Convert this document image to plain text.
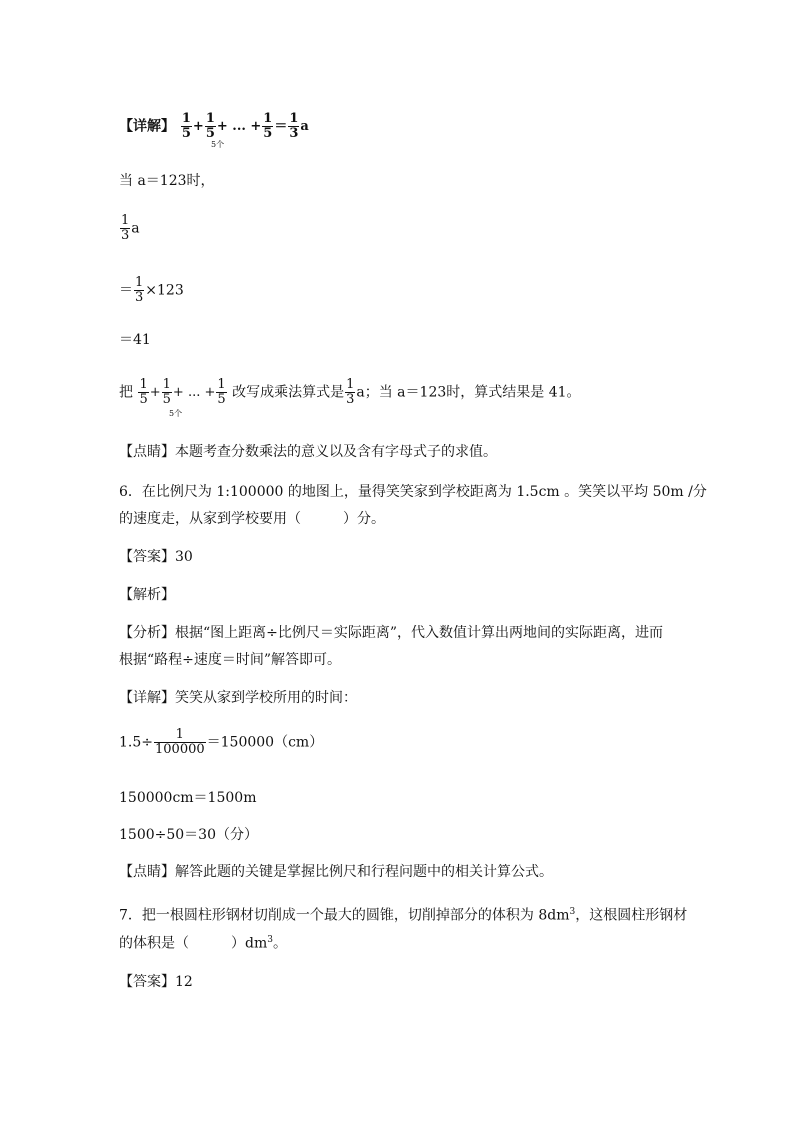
【详解】 $\frac{1}{5} + \frac{1}{5}$ + ... + $\frac{1}{5} = \frac{1}{3}$ a
5个
当 a＝123时，
$\frac{1}{3}$ a
＝ $\frac{1}{3} \times 123$
＝41
把 $\frac{1}{5} + \frac{1}{5}$ + ... + $\frac{1}{5}$ 改写成乘法算式是 $\frac{1}{3}$ a；当 a＝123时，算式结果是 41。
5个
【点睛】本题考查分数乘法的意义以及含有字母式子的求值。
6．在比例尺为 1:100000 的地图上，量得笑笑家到学校距离为 1.5cm 。笑笑以平均 50m /分
的速度走，从家到学校要用（　　　）分。
【答案】30
【解析】
【分析】根据“图上距离÷比例尺＝实际距离”，代入数值计算出两地间的实际距离，进而
根据“路程÷速度＝时间”解答即可。
【详解】笑笑从家到学校所用的时间：
$1.5\div \frac{1}{100000} =150000(cm)$
150000cm＝1500m
1500÷50＝30（分）
【点睛】解答此题的关键是掌握比例尺和行程问题中的相关计算公式。
7．把一根圆柱形钢材切削成一个最大的圆锥，切削掉部分的体积为 $8dm^3$，这根圆柱形钢材
的体积是（　　　）$dm^3$。
【答案】12
